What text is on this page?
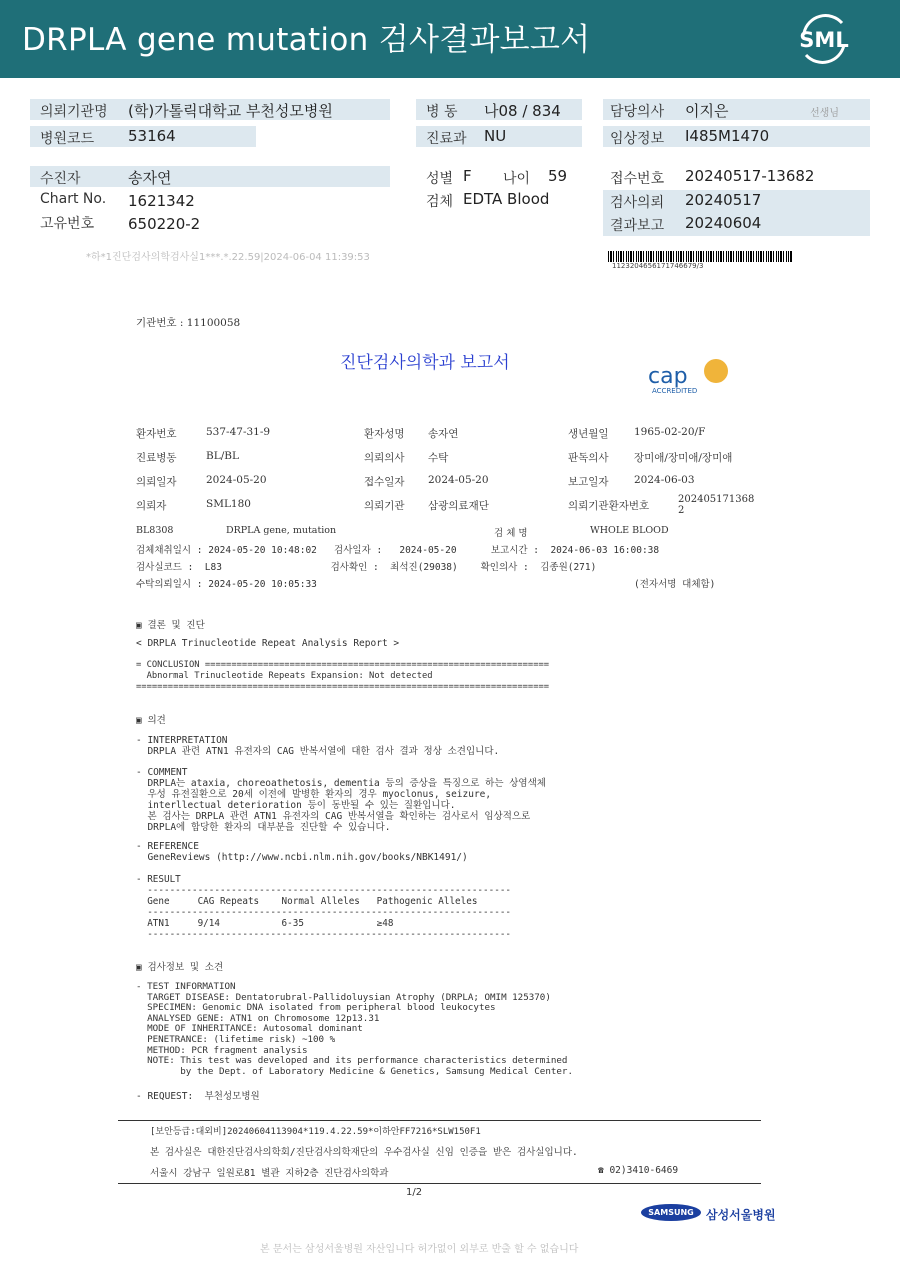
DRPLA gene mutation 검사결과보고서	SML
의뢰기관명 (학)가톨릭대학교 부천성모병원
병원코드 53164
병 동 나08 / 834
진료과 NU
담당의사 이지은	선생님
임상정보 I485M1470
수진자	송자연
Chart No. 1621342
고유번호 650220-2
성별 F 나이 59
검체 EDTA Blood
접수번호 20240517-13682
검사의뢰 20240517
결과보고 20240604
*하*1진단검사의학검사실1***.*.22.59|2024-06-04 11:39:53
1123204656171746679/3
기관번호 : 11100058
진단검사의학과 보고서
cap
ACCREDITED
환자번호	537-47-31-9	환자성명 송자연	생년월일 1965-02-20/F
진료병동	BL/BL	의뢰의사 수탁	판독의사 장미애/장미애/장미애
의뢰일자	2024-05-20	접수일자 2024-05-20	보고일자 2024-06-03
의뢰자	SML180	의뢰기관 삼광의료재단	의뢰기관환자번호
202405171368 2
BL8308	DRPLA gene, mutation	검 체 명	WHOLE BLOOD
검체채취일시 : 2024-05-20 10:48:02   검사일자 :   2024-05-20      보고시간 :  2024-06-03 16:00:38
검사실코드 :  L83                   검사확인 :  최석진(29038)    확인의사 :  김종원(271)
수탁의뢰일시 : 2024-05-20 10:05:33	(전자서명 대체함)
▣ 결론 및 진단
< DRPLA Trinucleotide Repeat Analysis Report >
= CONCLUSION =================================================================
Abnormal Trinucleotide Repeats Expansion: Not detected
==============================================================================
▣ 의견
- INTERPRETATION
DRPLA 관련 ATN1 유전자의 CAG 반복서열에 대한 검사 결과 정상 소견입니다.
- COMMENT
DRPLA는 ataxia, choreoathetosis, dementia 등의 증상을 특징으로 하는 상염색체
우성 유전질환으로 20세 이전에 발병한 환자의 경우 myoclonus, seizure,
interllectual deterioration 등이 동반될 수 있는 질환입니다.
본 검사는 DRPLA 관련 ATN1 유전자의 CAG 반복서열을 확인하는 검사로서 임상적으로
DRPLA에 합당한 환자의 대부분을 진단할 수 있습니다.
- REFERENCE
GeneReviews (http://www.ncbi.nlm.nih.gov/books/NBK1491/)
- RESULT
-----------------------------------------------------------------
Gene     CAG Repeats    Normal Alleles   Pathogenic Alleles
-----------------------------------------------------------------
ATN1     9/14           6-35             ≥48
-----------------------------------------------------------------
▣ 검사정보 및 소견
- TEST INFORMATION
TARGET DISEASE: Dentatorubral-Pallidoluysian Atrophy (DRPLA; OMIM 125370)
SPECIMEN: Genomic DNA isolated from peripheral blood leukocytes
ANALYSED GENE: ATN1 on Chromosome 12p13.31
MODE OF INHERITANCE: Autosomal dominant
PENETRANCE: (lifetime risk) ~100 %
METHOD: PCR fragment analysis
NOTE: This test was developed and its performance characteristics determined
by the Dept. of Laboratory Medicine & Genetics, Samsung Medical Center.
- REQUEST:  부천성모병원
[보안등급:대외비]20240604113904*119.4.22.59*이하안FF7216*SLW150F1
본 검사실은 대한진단검사의학회/진단검사의학재단의 우수검사실 신임 인증을 받은 검사실입니다.
서울시 강남구 일원로81 별관 지하2층 진단검사의학과	☎ 02)3410-6469
1/2
SAMSUNG	삼성서울병원
본 문서는 삼성서울병원 자산입니다 허가없이 외부로 반출 할 수 없습니다
